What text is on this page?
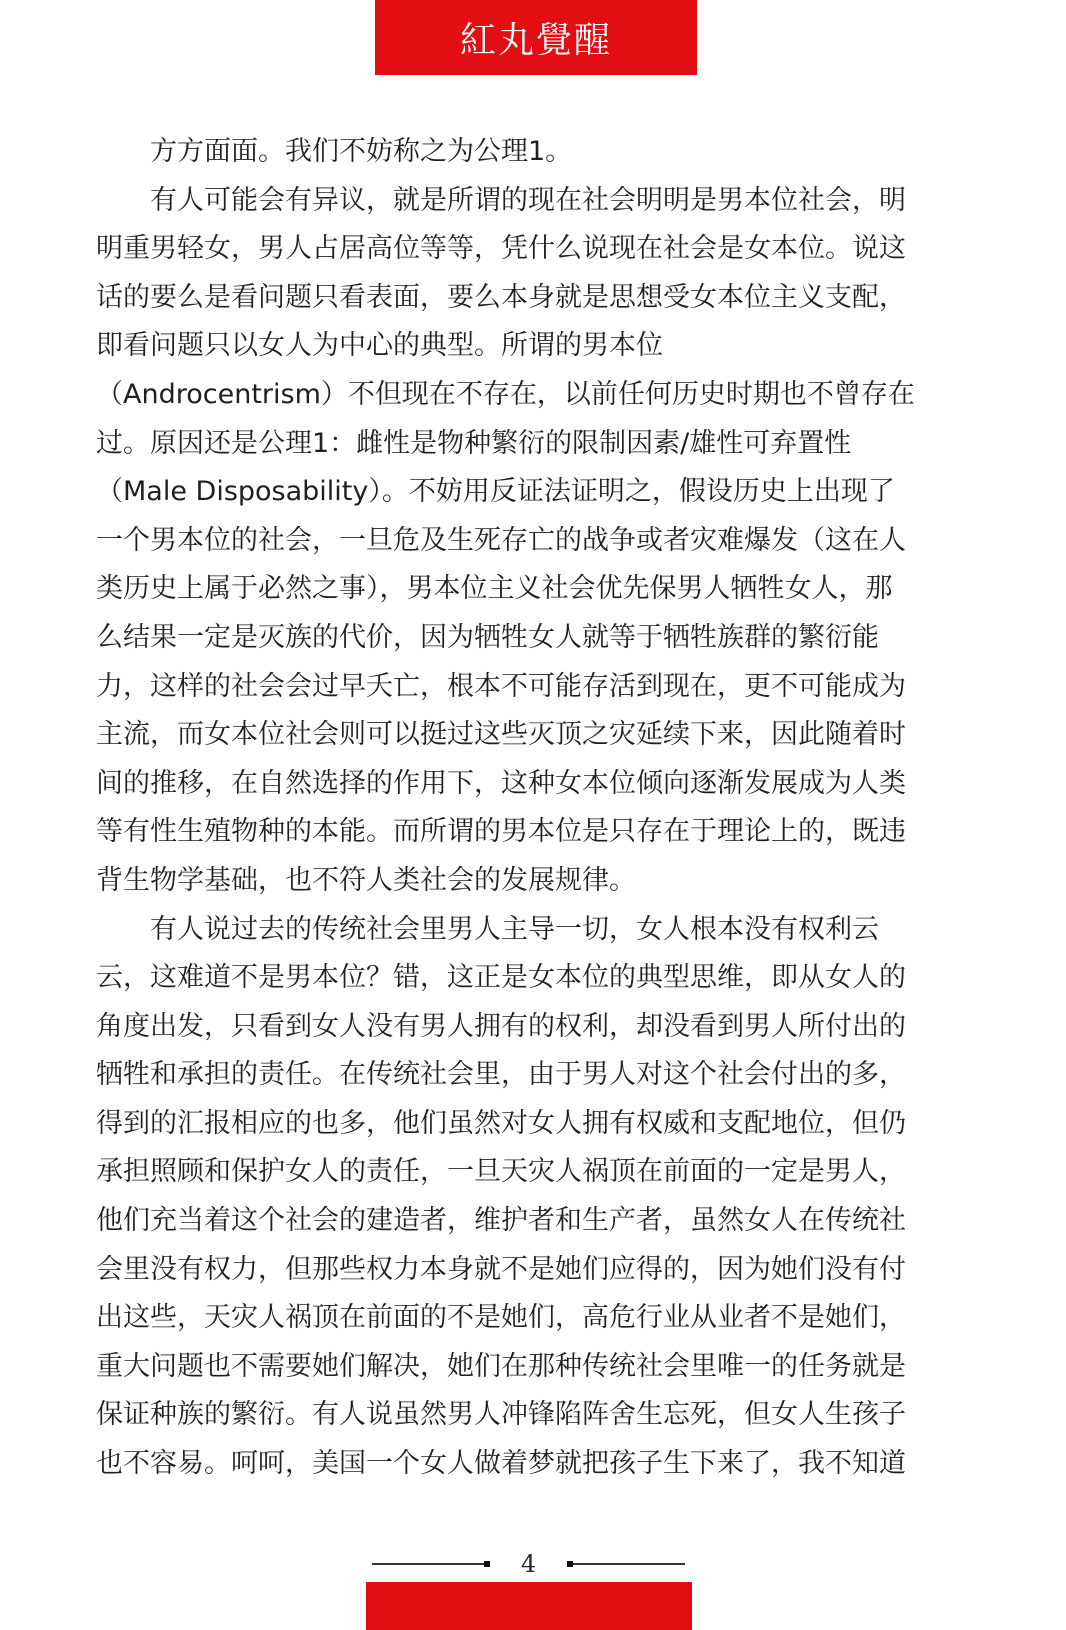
紅丸覺醒
方方面面。我们不妨称之为公理1。
有人可能会有异议，就是所谓的现在社会明明是男本位社会，明
明重男轻女，男人占居高位等等，凭什么说现在社会是女本位。说这
话的要么是看问题只看表面，要么本身就是思想受女本位主义支配，
即看问题只以女人为中心的典型。所谓的男本位
（Androcentrism）不但现在不存在，以前任何历史时期也不曾存在
过。原因还是公理1：雌性是物种繁衍的限制因素/雄性可弃置性
（Male Disposability）。不妨用反证法证明之，假设历史上出现了
一个男本位的社会，一旦危及生死存亡的战争或者灾难爆发（这在人
类历史上属于必然之事），男本位主义社会优先保男人牺牲女人，那
么结果一定是灭族的代价，因为牺牲女人就等于牺牲族群的繁衍能
力，这样的社会会过早夭亡，根本不可能存活到现在，更不可能成为
主流，而女本位社会则可以挺过这些灭顶之灾延续下来，因此随着时
间的推移，在自然选择的作用下，这种女本位倾向逐渐发展成为人类
等有性生殖物种的本能。而所谓的男本位是只存在于理论上的，既违
背生物学基础，也不符人类社会的发展规律。
有人说过去的传统社会里男人主导一切，女人根本没有权利云
云，这难道不是男本位？错，这正是女本位的典型思维，即从女人的
角度出发，只看到女人没有男人拥有的权利，却没看到男人所付出的
牺牲和承担的责任。在传统社会里，由于男人对这个社会付出的多，
得到的汇报相应的也多，他们虽然对女人拥有权威和支配地位，但仍
承担照顾和保护女人的责任，一旦天灾人祸顶在前面的一定是男人，
他们充当着这个社会的建造者，维护者和生产者，虽然女人在传统社
会里没有权力，但那些权力本身就不是她们应得的，因为她们没有付
出这些，天灾人祸顶在前面的不是她们，高危行业从业者不是她们，
重大问题也不需要她们解决，她们在那种传统社会里唯一的任务就是
保证种族的繁衍。有人说虽然男人冲锋陷阵舍生忘死，但女人生孩子
也不容易。呵呵，美国一个女人做着梦就把孩子生下来了，我不知道
4
